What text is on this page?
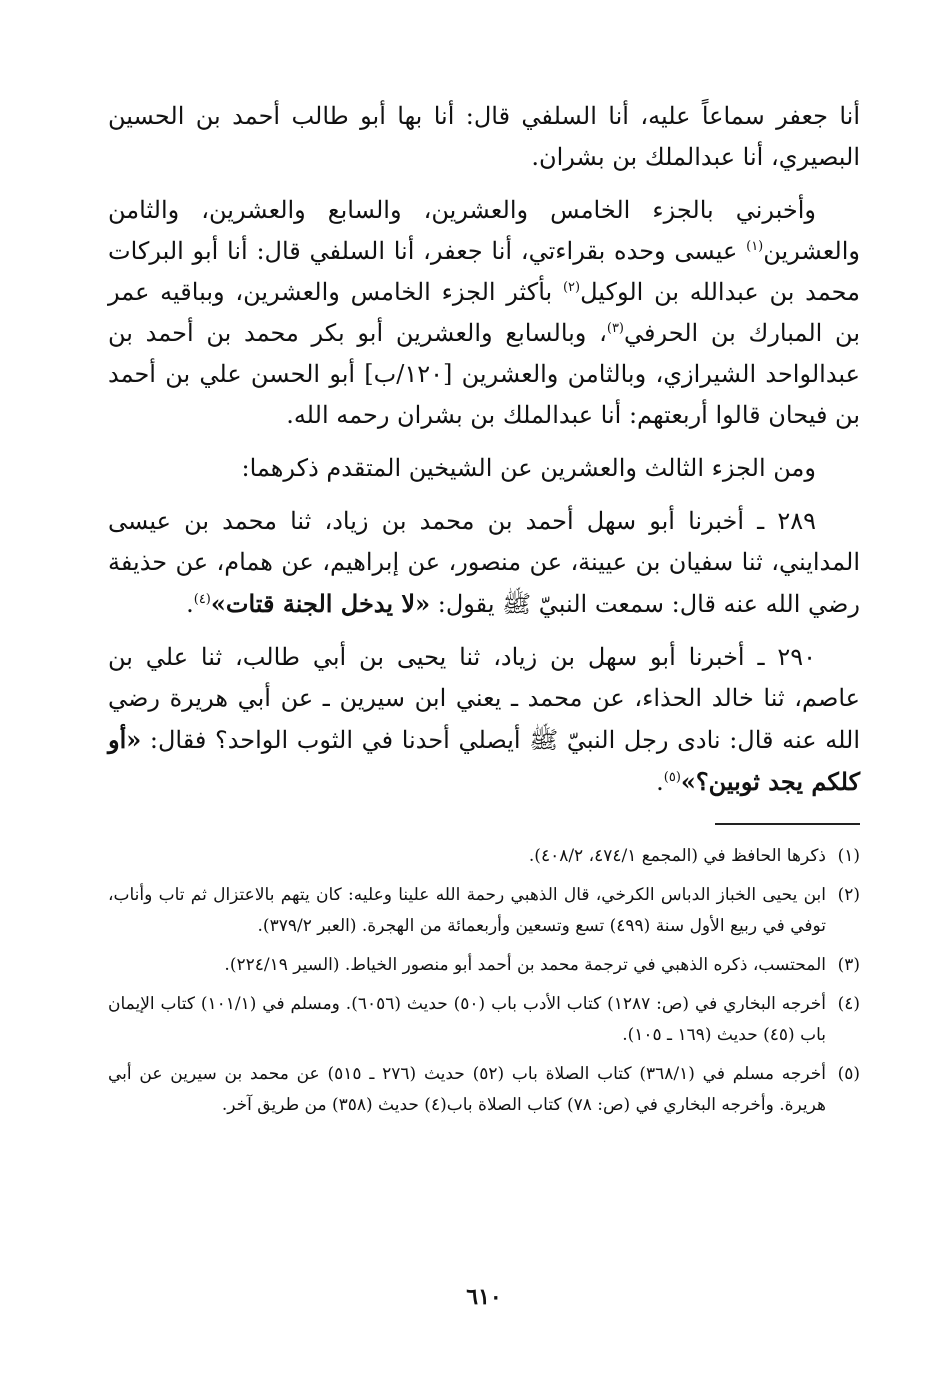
أنا جعفر سماعاً عليه، أنا السلفي قال: أنا بها أبو طالب أحمد بن الحسين البصيري، أنا عبدالملك بن بشران.

وأخبرني بالجزء الخامس والعشرين، والسابع والعشرين، والثامن والعشرين$^{(١)}$ عيسى وحده بقراءتي، أنا جعفر، أنا السلفي قال: أنا أبو البركات محمد بن عبدالله بن الوكيل$^{(٢)}$ بأكثر الجزء الخامس والعشرين، وبباقيه عمر بن المبارك بن الحرفي$^{(٣)}$، وبالسابع والعشرين أبو بكر محمد بن أحمد بن عبدالواحد الشيرازي، وبالثامن والعشرين [١٢٠/ب] أبو الحسن علي بن أحمد بن فيحان قالوا أربعتهم: أنا عبدالملك بن بشران رحمه الله.

ومن الجزء الثالث والعشرين عن الشيخين المتقدم ذكرهما:

٢٨٩ ـ أخبرنا أبو سهل أحمد بن محمد بن زياد، ثنا محمد بن عيسى المدايني، ثنا سفيان بن عيينة، عن منصور، عن إبراهيم، عن همام، عن حذيفة رضي الله عنه قال: سمعت النبيّ ﷺ يقول: «لا يدخل الجنة قتات»$^{(٤)}$.

٢٩٠ ـ أخبرنا أبو سهل بن زياد، ثنا يحيى بن أبي طالب، ثنا علي بن عاصم، ثنا خالد الحذاء، عن محمد ـ يعني ابن سيرين ـ عن أبي هريرة رضي الله عنه قال: نادى رجل النبيّ ﷺ أيصلي أحدنا في الثوب الواحد؟ فقال: «أو كلكم يجد ثوبين؟»$^{(٥)}$.

(١)
ذكرها الحافظ في (المجمع ٤٧٤/١، ٤٠٨/٢).
(٢)
ابن يحيى الخباز الدباس الكرخي، قال الذهبي رحمة الله علينا وعليه: كان يتهم بالاعتزال ثم تاب وأناب، توفي في ربيع الأول سنة (٤٩٩) تسع وتسعين وأربعمائة من الهجرة. (العبر ٣٧٩/٢).
(٣)
المحتسب، ذكره الذهبي في ترجمة محمد بن أحمد أبو منصور الخياط. (السير ٢٢٤/١٩).
(٤)
أخرجه البخاري في (ص: ١٢٨٧) كتاب الأدب باب (٥٠) حديث (٦٠٥٦). ومسلم في (١٠١/١) كتاب الإيمان باب (٤٥) حديث (١٦٩ ـ ١٠٥).
(٥)
أخرجه مسلم في (٣٦٨/١) كتاب الصلاة باب (٥٢) حديث (٢٧٦ ـ ٥١٥) عن محمد بن سيرين عن أبي هريرة. وأخرجه البخاري في (ص: ٧٨) كتاب الصلاة باب(٤) حديث (٣٥٨) من طريق آخر.
٦١٠
